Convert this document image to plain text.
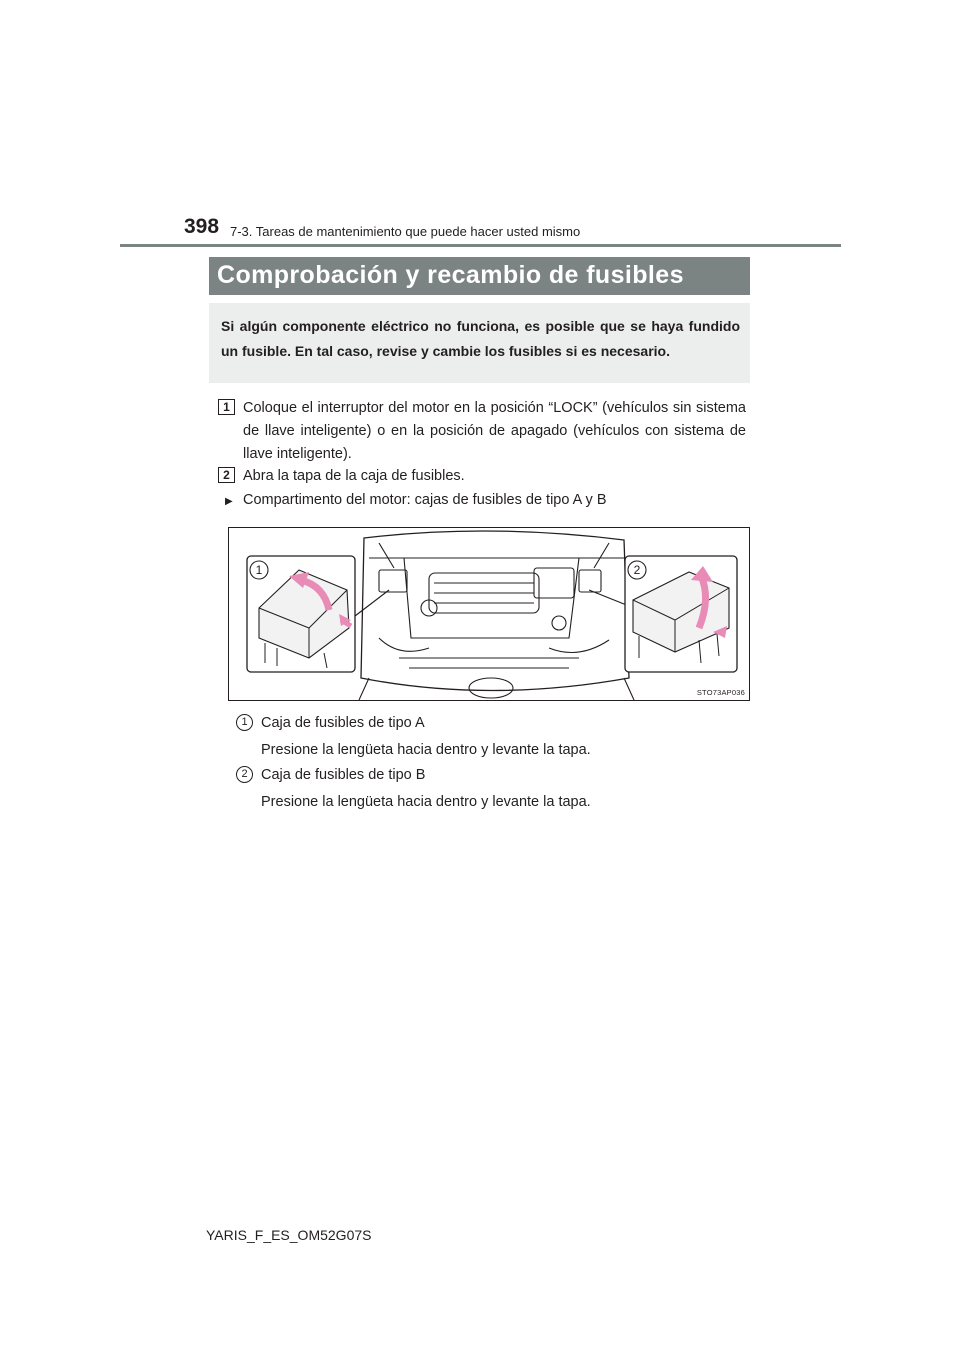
398 7-3. Tareas de mantenimiento que puede hacer usted mismo
Comprobación y recambio de fusibles
Si algún componente eléctrico no funciona, es posible que se haya fundido un fusible. En tal caso, revise y cambie los fusibles si es necesario.
1 Coloque el interruptor del motor en la posición “LOCK” (vehículos sin sistema de llave inteligente) o en la posición de apagado (vehículos con sistema de llave inteligente).
2 Abra la tapa de la caja de fusibles.
▶ Compartimento del motor: cajas de fusibles de tipo A y B
1	2
STO73AP036
1 Caja de fusibles de tipo A
Presione la lengüeta hacia dentro y levante la tapa.
2 Caja de fusibles de tipo B
Presione la lengüeta hacia dentro y levante la tapa.
YARIS_F_ES_OM52G07S
